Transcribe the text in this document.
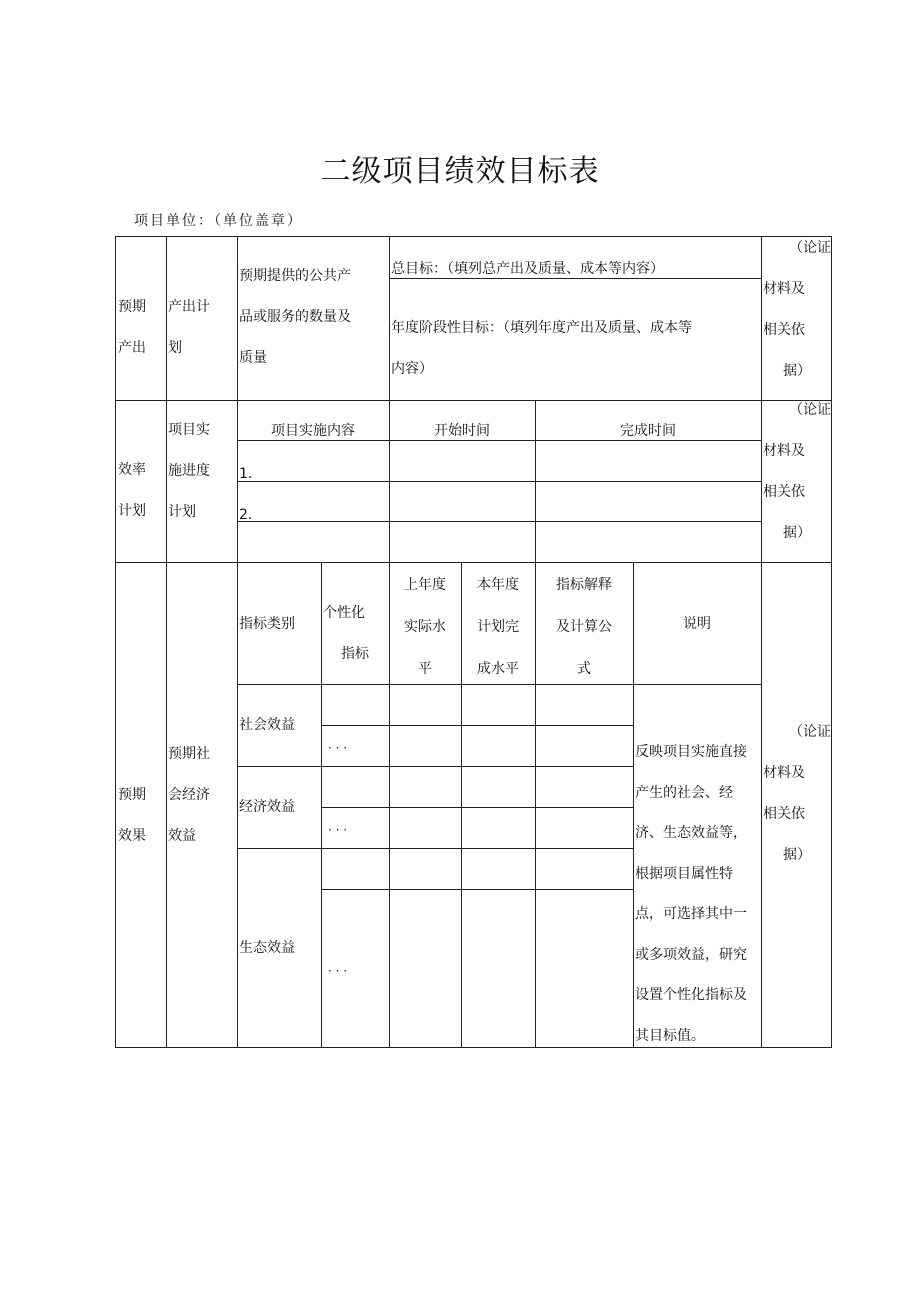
二级项目绩效目标表
项目单位：（单位盖章）
预期
产出
产出计
划
预期提供的公共产
品或服务的数量及
质量
总目标：（填列总产出及质量、成本等内容）
年度阶段性目标：（填列年度产出及质量、成本等
内容）
（论证
材料及
相关依
据）
效率
计划
项目实
施进度
计划
项目实施内容	开始时间	完成时间
1.
2.
（论证
材料及
相关依
据）
预期
效果
预期社
会经济
效益
指标类别
个性化
指标
上年度
实际水
平
本年度
计划完
成水平
指标解释
及计算公
式
说明
社会效益
经济效益
生态效益
· · ·
· · ·
· · ·
反映项目实施直接
产生的社会、经
济、生态效益等，
根据项目属性特
点，可选择其中一
或多项效益，研究
设置个性化指标及
其目标值。
（论证
材料及
相关依
据）
